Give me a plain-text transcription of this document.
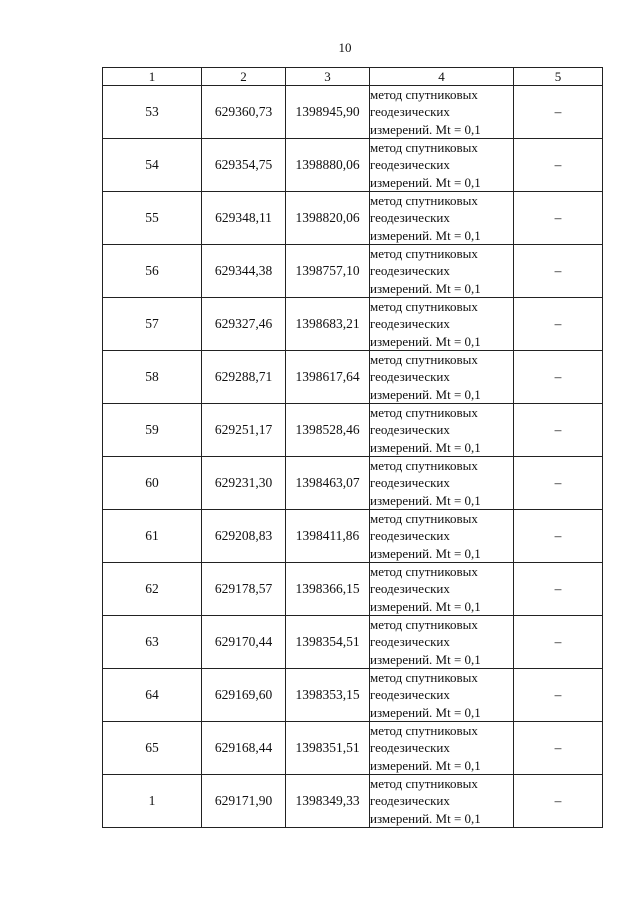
10
1	2	3	4	5
53	629360,73	1398945,90	метод спутниковых
геодезических
измерений. Mt = 0,1	–
54	629354,75	1398880,06	метод спутниковых
геодезических
измерений. Mt = 0,1	–
55	629348,11	1398820,06	метод спутниковых
геодезических
измерений. Mt = 0,1	–
56	629344,38	1398757,10	метод спутниковых
геодезических
измерений. Mt = 0,1	–
57	629327,46	1398683,21	метод спутниковых
геодезических
измерений. Mt = 0,1	–
58	629288,71	1398617,64	метод спутниковых
геодезических
измерений. Mt = 0,1	–
59	629251,17	1398528,46	метод спутниковых
геодезических
измерений. Mt = 0,1	–
60	629231,30	1398463,07	метод спутниковых
геодезических
измерений. Mt = 0,1	–
61	629208,83	1398411,86	метод спутниковых
геодезических
измерений. Mt = 0,1	–
62	629178,57	1398366,15	метод спутниковых
геодезических
измерений. Mt = 0,1	–
63	629170,44	1398354,51	метод спутниковых
геодезических
измерений. Mt = 0,1	–
64	629169,60	1398353,15	метод спутниковых
геодезических
измерений. Mt = 0,1	–
65	629168,44	1398351,51	метод спутниковых
геодезических
измерений. Mt = 0,1	–
1	629171,90	1398349,33	метод спутниковых
геодезических
измерений. Mt = 0,1	–
